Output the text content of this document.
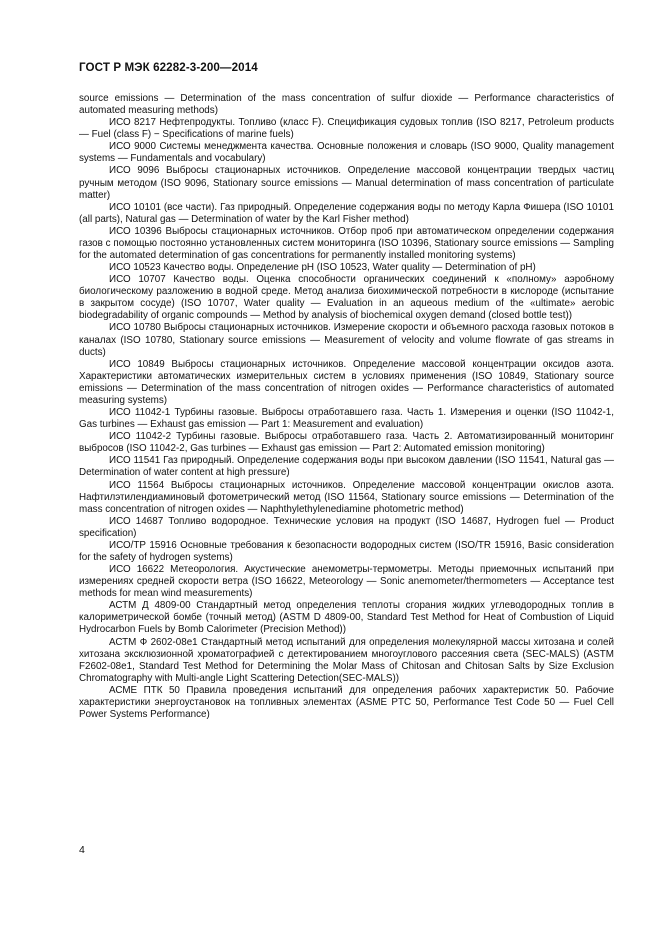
ГОСТ Р МЭК 62282-3-200—2014

source emissions — Determination of the mass concentration of sulfur dioxide — Performance characteristics of automated measuring methods)

ИСО 8217 Нефтепродукты. Топливо (класс F). Спецификация судовых топлив (ISO 8217, Petroleum products — Fuel (class F) − Specifications of marine fuels)

ИСО 9000 Системы менеджмента качества. Основные положения и словарь (ISO 9000, Quality management systems — Fundamentals and vocabulary)

ИСО 9096 Выбросы стационарных источников. Определение массовой концентрации твердых частиц ручным методом (ISO 9096, Stationary source emissions — Manual determination of mass concentration of particulate matter)

ИСО 10101 (все части). Газ природный. Определение содержания воды по методу Карла Фишера (ISO 10101 (all parts), Natural gas — Determination of water by the Karl Fisher method)

ИСО 10396 Выбросы стационарных источников. Отбор проб при автоматическом определении содержания газов с помощью постоянно установленных систем мониторинга (ISO 10396, Stationary source emissions — Sampling for the automated determination of gas concentrations for permanently installed monitoring systems)

ИСО 10523 Качество воды. Определение pH (ISO 10523, Water quality — Determination of pH)

ИСО 10707 Качество воды. Оценка способности органических соединений к «полному» аэробному биологическому разложению в водной среде. Метод анализа биохимической потребности в кислороде (испытание в закрытом сосуде) (ISO 10707, Water quality — Evaluation in an aqueous medium of the «ultimate» aerobic biodegradability of organic compounds — Method by analysis of biochemical oxygen demand (closed bottle test))

ИСО 10780 Выбросы стационарных источников. Измерение скорости и объемного расхода газовых потоков в каналах (ISO 10780, Stationary source emissions — Measurement of velocity and volume flowrate of gas streams in ducts)

ИСО 10849 Выбросы стационарных источников. Определение массовой концентрации оксидов азота. Характеристики автоматических измерительных систем в условиях применения (ISO 10849, Stationary source emissions — Determination of the mass concentration of nitrogen oxides — Performance characteristics of automated measuring systems)

ИСО 11042-1 Турбины газовые. Выбросы отработавшего газа. Часть 1. Измерения и оценки (ISO 11042-1, Gas turbines — Exhaust gas emission — Part 1: Measurement and evaluation)

ИСО 11042-2 Турбины газовые. Выбросы отработавшего газа. Часть 2. Автоматизированный мониторинг выбросов (ISO 11042-2, Gas turbines — Exhaust gas emission — Part 2: Automated emission monitoring)

ИСО 11541 Газ природный. Определение содержания воды при высоком давлении (ISO 11541, Natural gas — Determination of water content at high pressure)

ИСО 11564 Выбросы стационарных источников. Определение массовой концентрации окислов азота. Нафтилэтилендиаминовый фотометрический метод (ISO 11564, Stationary source emissions — Determination of the mass concentration of nitrogen oxides — Naphthylethylenediamine photometric method)

ИСО 14687 Топливо водородное. Технические условия на продукт (ISO 14687, Hydrogen fuel — Product specification)

ИСО/ТР 15916 Основные требования к безопасности водородных систем (ISO/TR 15916, Basic consideration for the safety of hydrogen systems)

ИСО 16622 Метеорология. Акустические анемометры-термометры. Методы приемочных испытаний при измерениях средней скорости ветра (ISO 16622, Meteorology — Sonic anemometer/thermometers — Acceptance test methods for mean wind measurements)

АСТМ Д 4809-00 Стандартный метод определения теплоты сгорания жидких углеводородных топлив в калориметрической бомбе (точный метод) (ASTM D 4809-00, Standard Test Method for Heat of Combustion of Liquid Hydrocarbon Fuels by Bomb Calorimeter (Precision Method))

АСТМ Ф 2602-08е1 Стандартный метод испытаний для определения молекулярной массы хитозана и солей хитозана эксклюзионной хроматографией с детектированием многоуглового рассеяния света (SEC-MALS) (ASTM F2602-08e1, Standard Test Method for Determining the Molar Mass of Chitosan and Chitosan Salts by Size Exclusion Chromatography with Multi-angle Light Scattering Detection(SEC-MALS))

АСМЕ ПТК 50 Правила проведения испытаний для определения рабочих характеристик 50. Рабочие характеристики энергоустановок на топливных элементах (ASME PTC 50, Performance Test Code 50 — Fuel Cell Power Systems Performance)

4
